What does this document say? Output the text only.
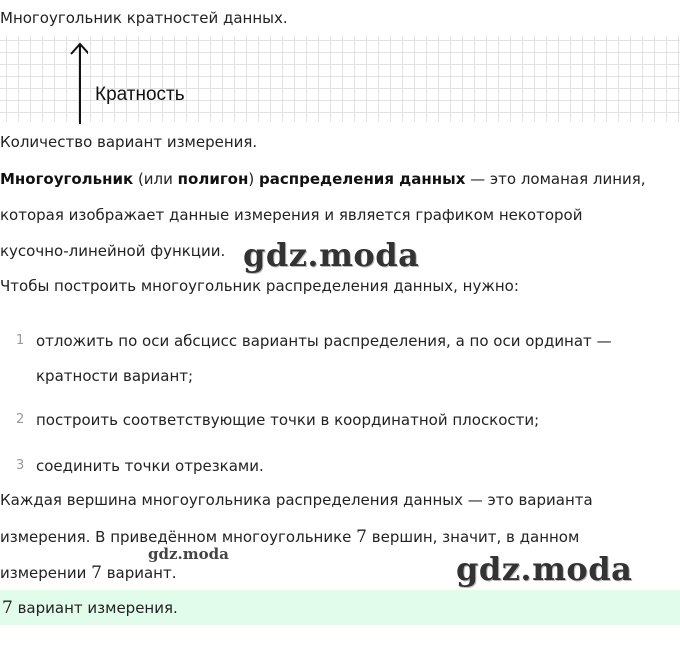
Многоугольник кратностей данных.
Кратность
Количество вариант измерения.
Многоугольник (или полигон) распределения данных — это ломаная линия,
которая изображает данные измерения и является графиком некоторой
кусочно-линейной функции. gdz.moda
Чтобы построить многоугольник распределения данных, нужно:
1 отложить по оси абсцисс варианты распределения, а по оси ординат —
кратности вариант;
2 построить соответствующие точки в координатной плоскости;
3 соединить точки отрезками.
Каждая вершина многоугольника распределения данных — это варианта
измерения. В приведённом многоугольнике 7 вершин, значит, в данном
измерении 7 вариант.
gdz.moda	gdz.moda
7 вариант измерения.
